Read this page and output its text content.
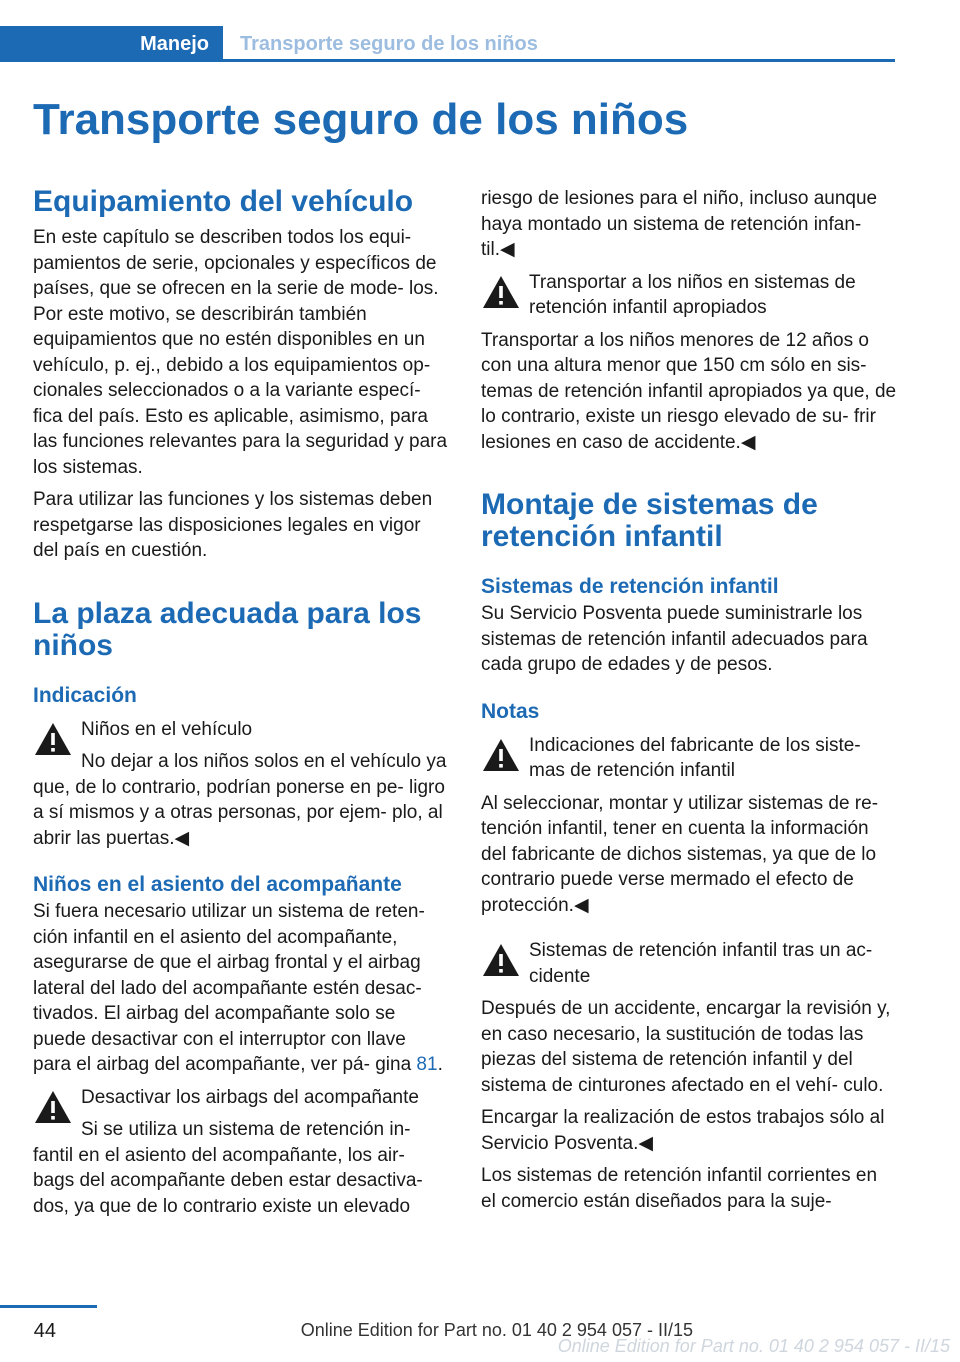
Manejo	Transporte seguro de los niños
Transporte seguro de los niños
Equipamiento del vehículo

En este capítulo se describen todos los equi‐ pamientos de serie, opcionales y específicos de países, que se ofrecen en la serie de mode‐ los. Por este motivo, se describirán también equipamientos que no estén disponibles en un vehículo, p. ej., debido a los equipamientos op‐ cionales seleccionados o a la variante especí‐ fica del país. Esto es aplicable, asimismo, para las funciones relevantes para la seguridad y para los sistemas.

Para utilizar las funciones y los sistemas deben respetgarse las disposiciones legales en vigor del país en cuestión.

La plaza adecuada para los niños
Indicación

Niños en el vehículo

No dejar a los niños solos en el vehículo ya que, de lo contrario, podrían ponerse en pe‐ ligro a sí mismos y a otras personas, por ejem‐ plo, al abrir las puertas.◀

Niños en el asiento del acompañante

Si fuera necesario utilizar un sistema de reten‐ ción infantil en el asiento del acompañante, asegurarse de que el airbag frontal y el airbag lateral del lado del acompañante estén desac‐ tivados. El airbag del acompañante solo se puede desactivar con el interruptor con llave para el airbag del acompañante, ver pá‐ gina 81.

Desactivar los airbags del acompañante

Si se utiliza un sistema de retención in‐ fantil en el asiento del acompañante, los air‐ bags del acompañante deben estar desactiva‐ dos, ya que de lo contrario existe un elevado

riesgo de lesiones para el niño, incluso aunque haya montado un sistema de retención infan‐ til.◀

Transportar a los niños en sistemas de retención infantil apropiados

Transportar a los niños menores de 12 años o con una altura menor que 150 cm sólo en sis‐ temas de retención infantil apropiados ya que, de lo contrario, existe un riesgo elevado de su‐ frir lesiones en caso de accidente.◀

Montaje de sistemas de retención infantil
Sistemas de retención infantil

Su Servicio Posventa puede suministrarle los sistemas de retención infantil adecuados para cada grupo de edades y de pesos.

Notas

Indicaciones del fabricante de los siste‐ mas de retención infantil

Al seleccionar, montar y utilizar sistemas de re‐ tención infantil, tener en cuenta la información del fabricante de dichos sistemas, ya que de lo contrario puede verse mermado el efecto de protección.◀

Sistemas de retención infantil tras un ac‐ cidente

Después de un accidente, encargar la revisión y, en caso necesario, la sustitución de todas las piezas del sistema de retención infantil y del sistema de cinturones afectado en el vehí‐ culo.

Encargar la realización de estos trabajos sólo al Servicio Posventa.◀

Los sistemas de retención infantil corrientes en el comercio están diseñados para la suje‐

44	Online Edition for Part no. 01 40 2 954 057 - II/15
Online Edition for Part no. 01 40 2 954 057 - II/15
